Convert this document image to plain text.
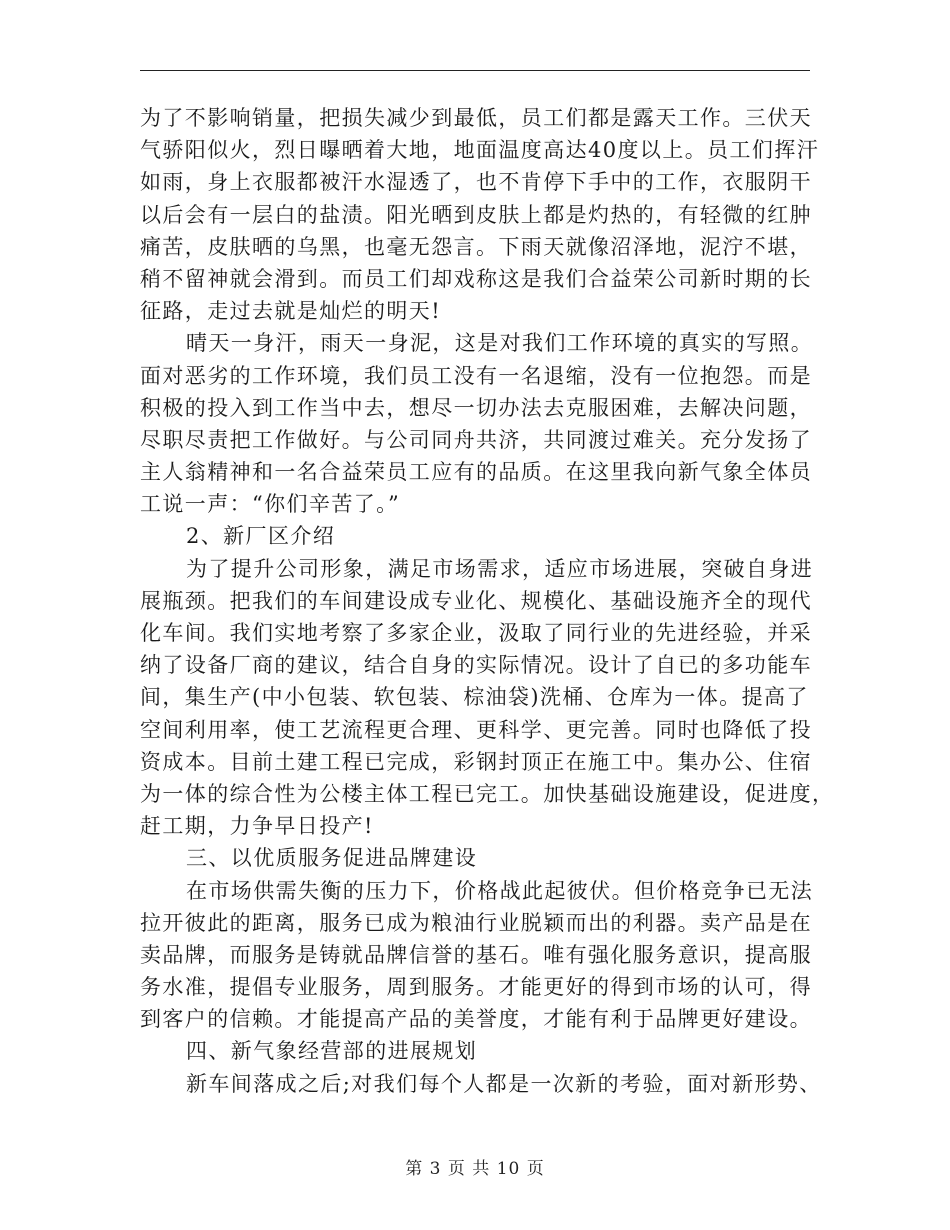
为了不影响销量，把损失减少到最低，员工们都是露天工作。三伏天
气骄阳似火，烈日曝晒着大地，地面温度高达40度以上。员工们挥汗
如雨，身上衣服都被汗水湿透了，也不肯停下手中的工作，衣服阴干
以后会有一层白的盐渍。阳光晒到皮肤上都是灼热的，有轻微的红肿
痛苦，皮肤晒的乌黑，也毫无怨言。下雨天就像沼泽地，泥泞不堪，
稍不留神就会滑到。而员工们却戏称这是我们合益荣公司新时期的长
征路，走过去就是灿烂的明天!
晴天一身汗，雨天一身泥，这是对我们工作环境的真实的写照。
面对恶劣的工作环境，我们员工没有一名退缩，没有一位抱怨。而是
积极的投入到工作当中去，想尽一切办法去克服困难，去解决问题，
尽职尽责把工作做好。与公司同舟共济，共同渡过难关。充分发扬了
主人翁精神和一名合益荣员工应有的品质。在这里我向新气象全体员
工说一声：“你们辛苦了。”
2、新厂区介绍
为了提升公司形象，满足市场需求，适应市场进展，突破自身进
展瓶颈。把我们的车间建设成专业化、规模化、基础设施齐全的现代
化车间。我们实地考察了多家企业，汲取了同行业的先进经验，并采
纳了设备厂商的建议，结合自身的实际情况。设计了自已的多功能车
间，集生产(中小包装、软包装、棕油袋)洗桶、仓库为一体。提高了
空间利用率，使工艺流程更合理、更科学、更完善。同时也降低了投
资成本。目前土建工程已完成，彩钢封顶正在施工中。集办公、住宿
为一体的综合性为公楼主体工程已完工。加快基础设施建设，促进度，
赶工期，力争早日投产!
三、以优质服务促进品牌建设
在市场供需失衡的压力下，价格战此起彼伏。但价格竞争已无法
拉开彼此的距离，服务已成为粮油行业脱颖而出的利器。卖产品是在
卖品牌，而服务是铸就品牌信誉的基石。唯有强化服务意识，提高服
务水准，提倡专业服务，周到服务。才能更好的得到市场的认可，得
到客户的信赖。才能提高产品的美誉度，才能有利于品牌更好建设。
四、新气象经营部的进展规划
新车间落成之后;对我们每个人都是一次新的考验，面对新形势、
第 3 页 共 10 页
